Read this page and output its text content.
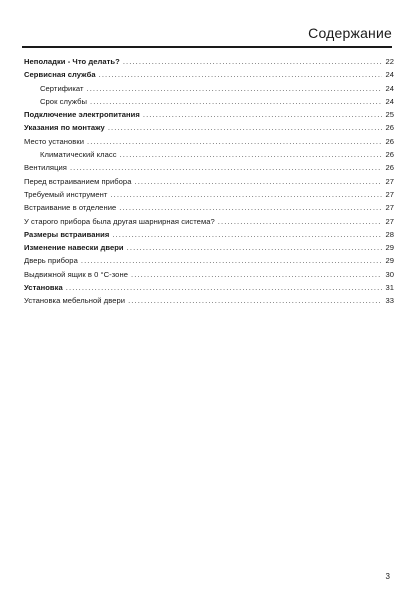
Содержание
Неполадки - Что делать? .....	22
Сервисная служба .....	24
Сертификат .....	24
Срок службы .....	24
Подключение электропитания .....	25
Указания по монтажу .....	26
Место установки .....	26
Климатический класс .....	26
Вентиляция .....	26
Перед встраиванием прибора .....	27
Требуемый инструмент .....	27
Встраивание в отделение .....	27
У старого прибора была другая шарнирная система? .....	27
Размеры встраивания .....	28
Изменение навески двери .....	29
Дверь прибора .....	29
Выдвижной ящик в 0 °C-зоне .....	30
Установка .....	31
Установка мебельной двери .....	33
3
